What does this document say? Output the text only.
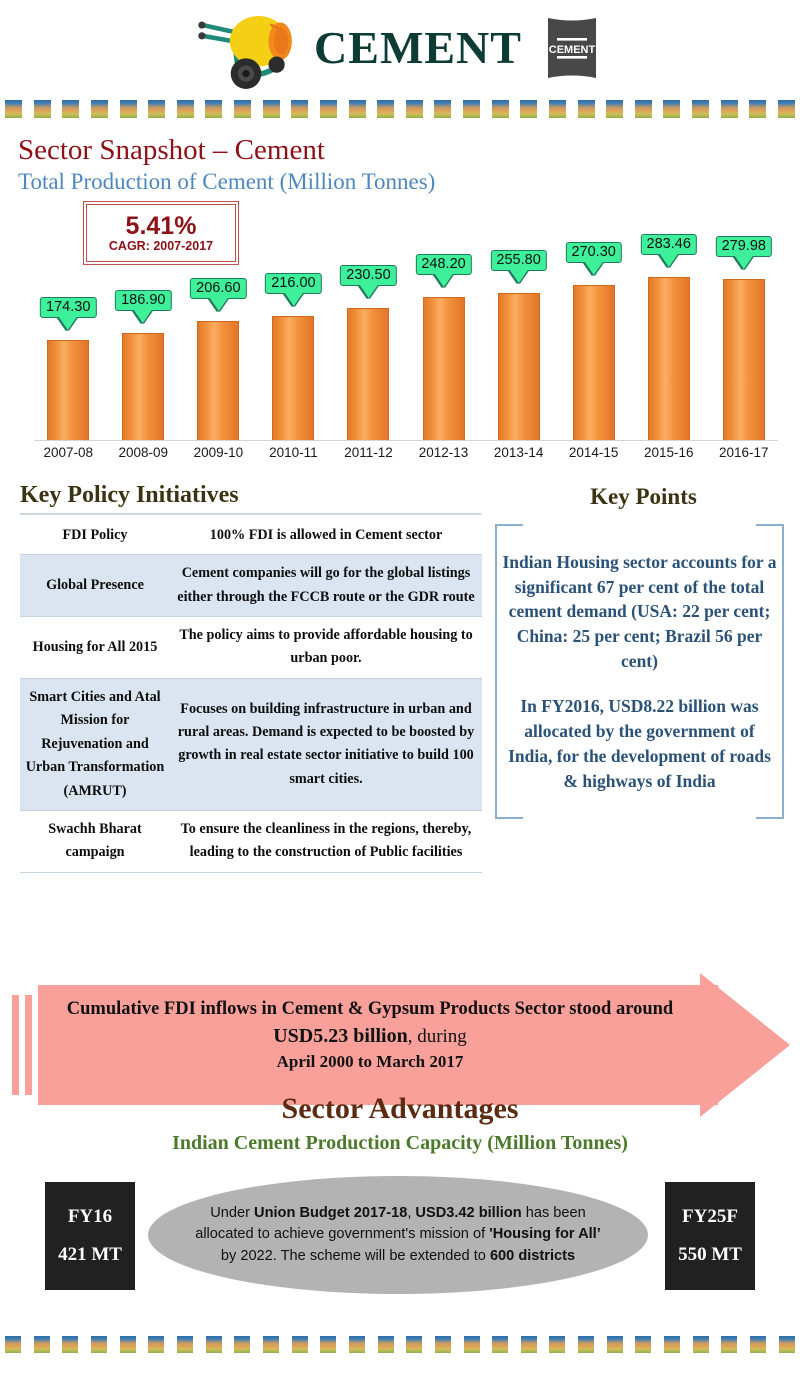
CEMENT CEMENT
Sector Snapshot – Cement
Total Production of Cement (Million Tonnes)
5.41%
CAGR: 2007-2017
174.30	186.90
206.60	216.00
230.50
248.20	255.80
270.30	283.46	279.98
2007-08	2008-09	2009-10	2010-11	2011-12	2012-13	2013-14	2014-15	2015-16	2016-17
Key Policy Initiatives
FDI Policy	100% FDI is allowed in Cement sector
Global Presence	Cement companies will go for the global listings either through the FCCB route or the GDR route
Housing for All 2015	The policy aims to provide affordable housing to urban poor.
Smart Cities and Atal Mission for Rejuvenation and Urban Transformation (AMRUT)	Focuses on building infrastructure in urban and rural areas. Demand is expected to be boosted by growth in real estate sector initiative to build 100 smart cities.
Swachh Bharat campaign	To ensure the cleanliness in the regions, thereby, leading to the construction of Public facilities
Key Points
Indian Housing sector accounts for a significant 67 per cent of the total cement demand (USA: 22 per cent; China: 25 per cent; Brazil 56 per cent)
In FY2016, USD8.22 billion was allocated by the government of India, for the development of roads & highways of India
Cumulative FDI inflows in Cement & Gypsum Products Sector stood around
USD5.23 billion, during
April 2000 to March 2017
Sector Advantages
Indian Cement Production Capacity (Million Tonnes)
FY16
421 MT
Under Union Budget 2017-18, USD3.42 billion has been allocated to achieve government's mission of 'Housing for All’ by 2022. The scheme will be extended to 600 districts
FY25F
550 MT
